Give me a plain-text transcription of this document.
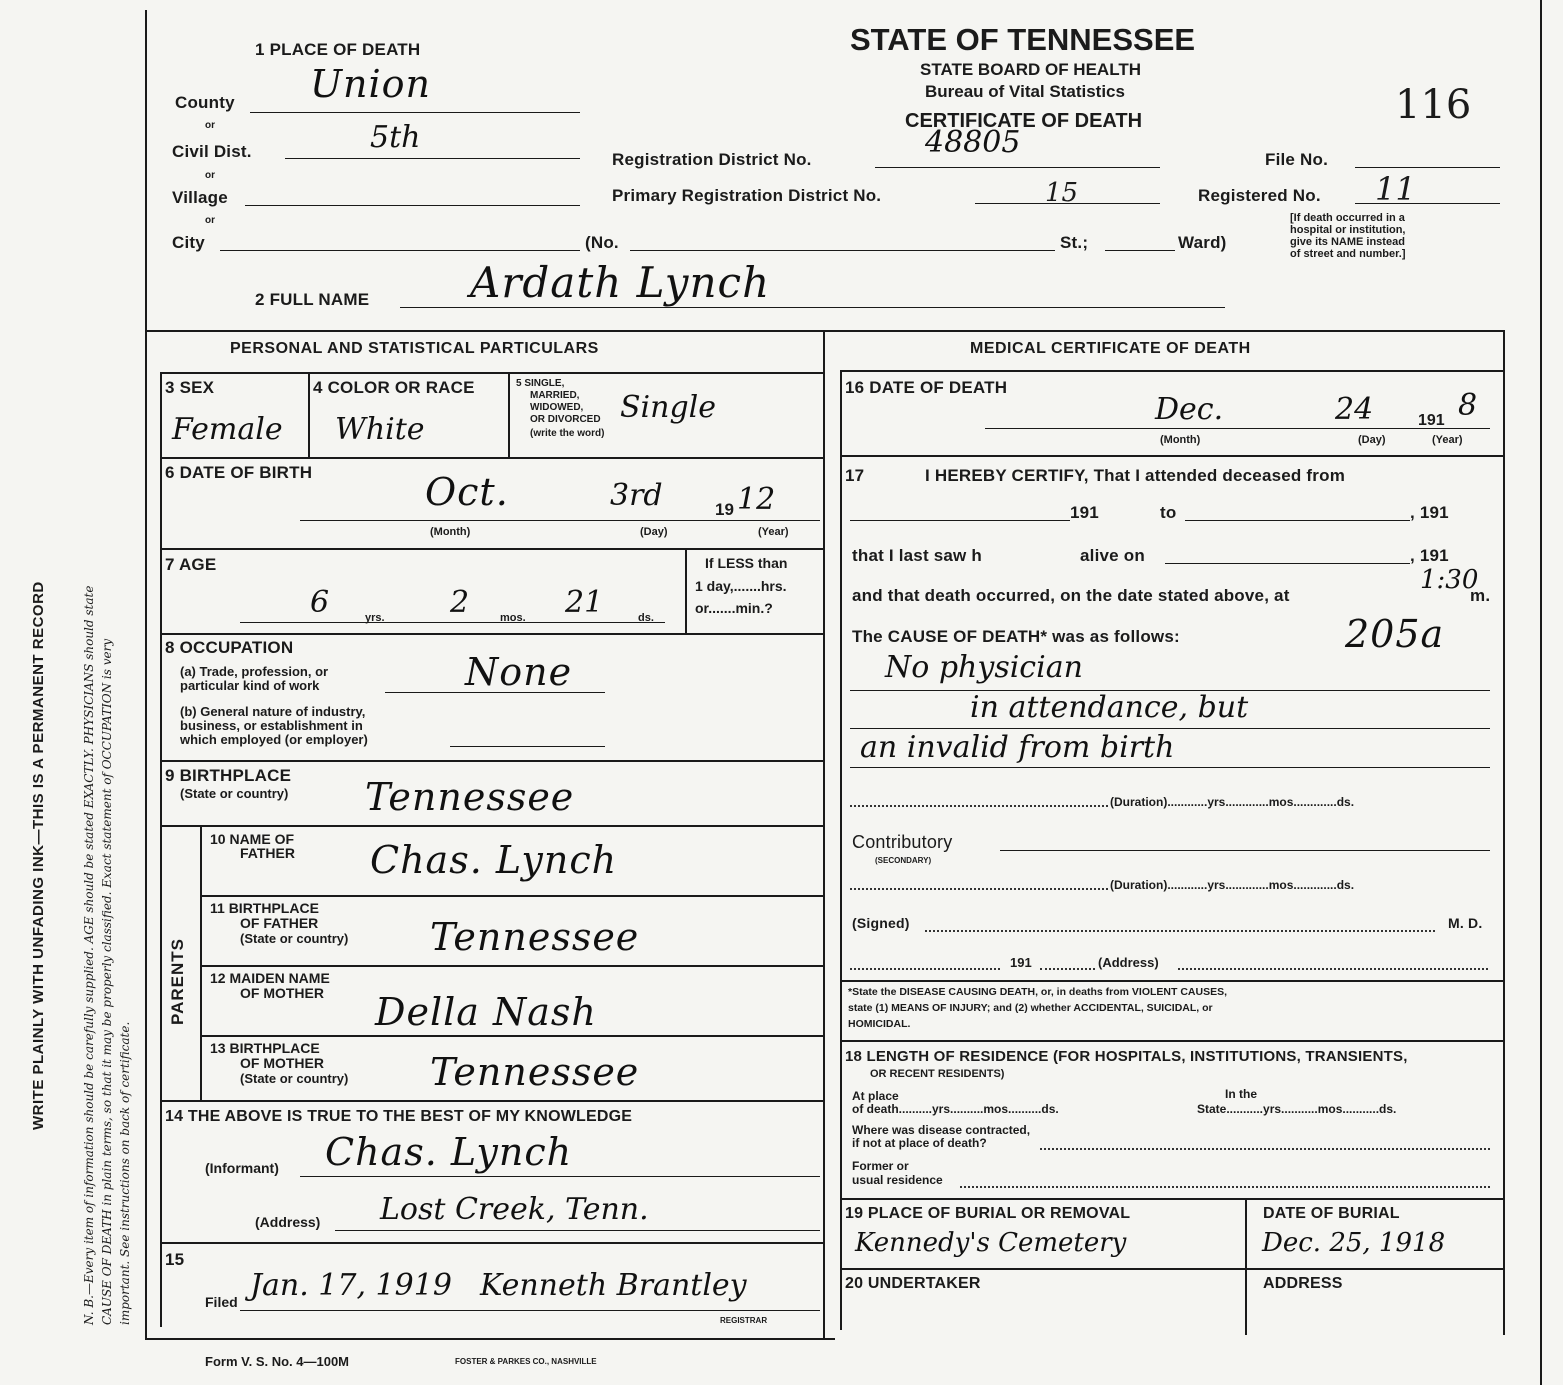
WRITE PLAINLY WITH UNFADING INK—THIS IS A PERMANENT RECORD	N. B.—Every item of information should be carefully supplied. AGE should be stated EXACTLY. PHYSICIANS should state CAUSE OF DEATH in plain terms, so that it may be properly classified. Exact statement of OCCUPATION is very important. See instructions on back of certificate.
STATE OF TENNESSEE
STATE BOARD OF HEALTH
Bureau of Vital Statistics
CERTIFICATE OF DEATH	116
1 PLACE OF DEATH
County Union
or
Civil Dist.	5th
or
Village
or
City	(No.	St.;	Ward)
Registration District No.	48805	File No.
Primary Registration District No.	15	Registered No. 11
[If death occurred in a
hospital or institution,
give its NAME instead
of street and number.]
2 FULL NAME Ardath Lynch
PERSONAL AND STATISTICAL PARTICULARS
3 SEX
Female
4 COLOR OR RACE
White
5 SINGLE,
MARRIED,
WIDOWED,
OR DIVORCED
(write the word)
Single
6 DATE OF BIRTH	Oct.	3rd	19 12
(Month)	(Day)	(Year)
7 AGE
6	yrs. 2	mos. 21	ds.
If LESS than
1 day,.......hrs.
or.......min.?
8 OCCUPATION
(a) Trade, profession, or
particular kind of work	None
(b) General nature of industry,
business, or establishment in
which employed (or employer)
9 BIRTHPLACE
(State or country) Tennessee
PARENTS
10 NAME OF
FATHER Chas. Lynch
11 BIRTHPLACE
OF FATHER
(State or country) Tennessee
12 MAIDEN NAME
OF MOTHER Della Nash
13 BIRTHPLACE
OF MOTHER
(State or country) Tennessee
14 THE ABOVE IS TRUE TO THE BEST OF MY KNOWLEDGE
(Informant) Chas. Lynch
(Address) Lost Creek, Tenn.
15
Filed Jan. 17, 1919 Kenneth Brantley
REGISTRAR
Form V. S. No. 4—100M	FOSTER & PARKES CO., NASHVILLE
MEDICAL CERTIFICATE OF DEATH
16 DATE OF DEATH
Dec.	24	191 8
(Month)	(Day)	(Year)
17	I HEREBY CERTIFY, That I attended deceased from
191	to	, 191
that I last saw h	alive on	, 191
and that death occurred, on the date stated above, at
1:30
m.
The CAUSE OF DEATH* was as follows:	205a
No physician
in attendance, but
an invalid from birth
(Duration)............yrs.............mos.............ds.
Contributory
(SECONDARY)
(Duration)............yrs.............mos.............ds.
(Signed)	M. D.
191	(Address)
*State the DISEASE CAUSING DEATH, or, in deaths from VIOLENT CAUSES,
state (1) MEANS OF INJURY; and (2) whether ACCIDENTAL, SUICIDAL, or
HOMICIDAL.
18 LENGTH OF RESIDENCE (FOR HOSPITALS, INSTITUTIONS, TRANSIENTS,
OR RECENT RESIDENTS)
At place
of death..........yrs..........mos..........ds.
In the
State...........yrs...........mos...........ds.
Where was disease contracted,
if not at place of death?
Former or
usual residence
19 PLACE OF BURIAL OR REMOVAL	DATE OF BURIAL
Kennedy's Cemetery	Dec. 25, 1918
20 UNDERTAKER	ADDRESS
